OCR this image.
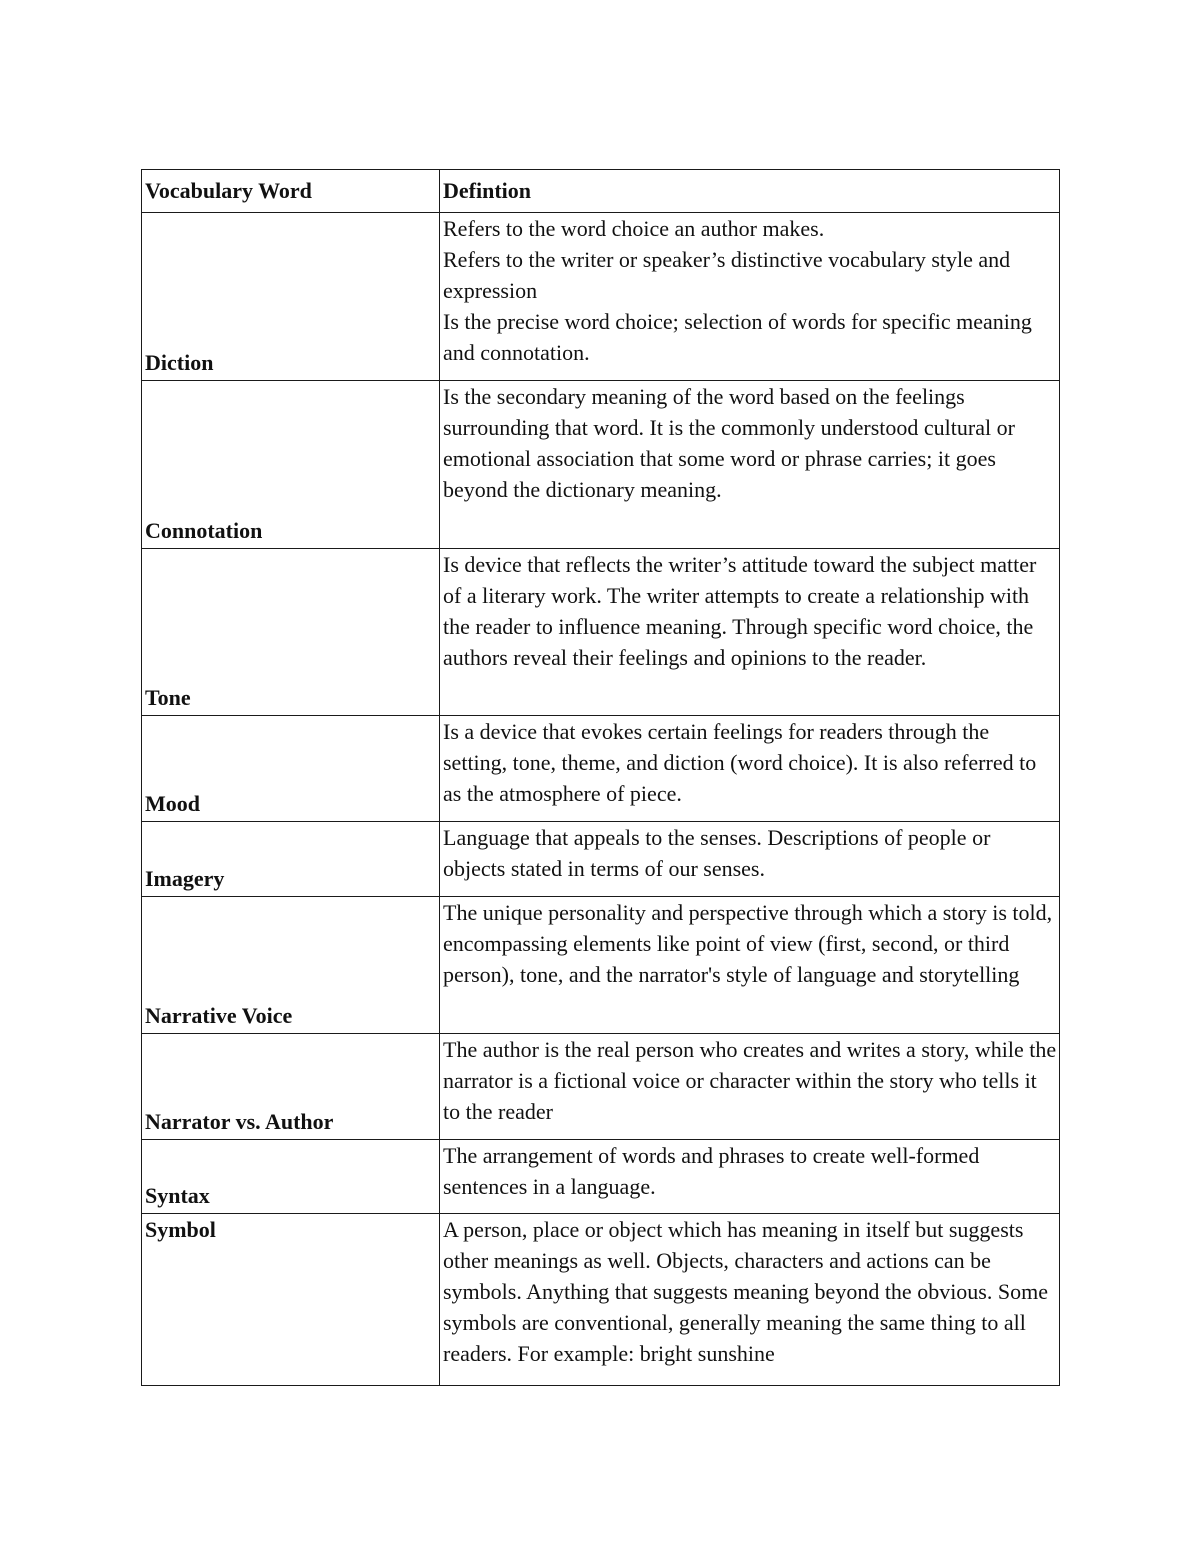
Vocabulary Word	Defintion
Diction	Refers to the word choice an author makes.
Refers to the writer or speaker’s distinctive vocabulary style and expression
Is the precise word choice; selection of words for specific meaning and connotation.

Connotation	Is the secondary meaning of the word based on the feelings surrounding that word. It is the commonly understood cultural or emotional association that some word or phrase carries; it goes beyond the dictionary meaning.

Tone	Is device that reflects the writer’s attitude toward the subject matter of a literary work. The writer attempts to create a relationship with the reader to influence meaning. Through specific word choice, the authors reveal their feelings and opinions to the reader.

Mood	Is a device that evokes certain feelings for readers through the setting, tone, theme, and diction (word choice). It is also referred to as the atmosphere of piece.

Imagery	Language that appeals to the senses. Descriptions of people or objects stated in terms of our senses.

Narrative Voice	The unique personality and perspective through which a story is told, encompassing elements like point of view (first, second, or third person), tone, and the narrator's style of language and storytelling

Narrator vs. Author	The author is the real person who creates and writes a story, while the narrator is a fictional voice or character within the story who tells it to the reader

Syntax	The arrangement of words and phrases to create well-formed sentences in a language.

Symbol	A person, place or object which has meaning in itself but suggests other meanings as well. Objects, characters and actions can be symbols. Anything that suggests meaning beyond the obvious. Some symbols are conventional, generally meaning the same thing to all readers. For example: bright sunshine
